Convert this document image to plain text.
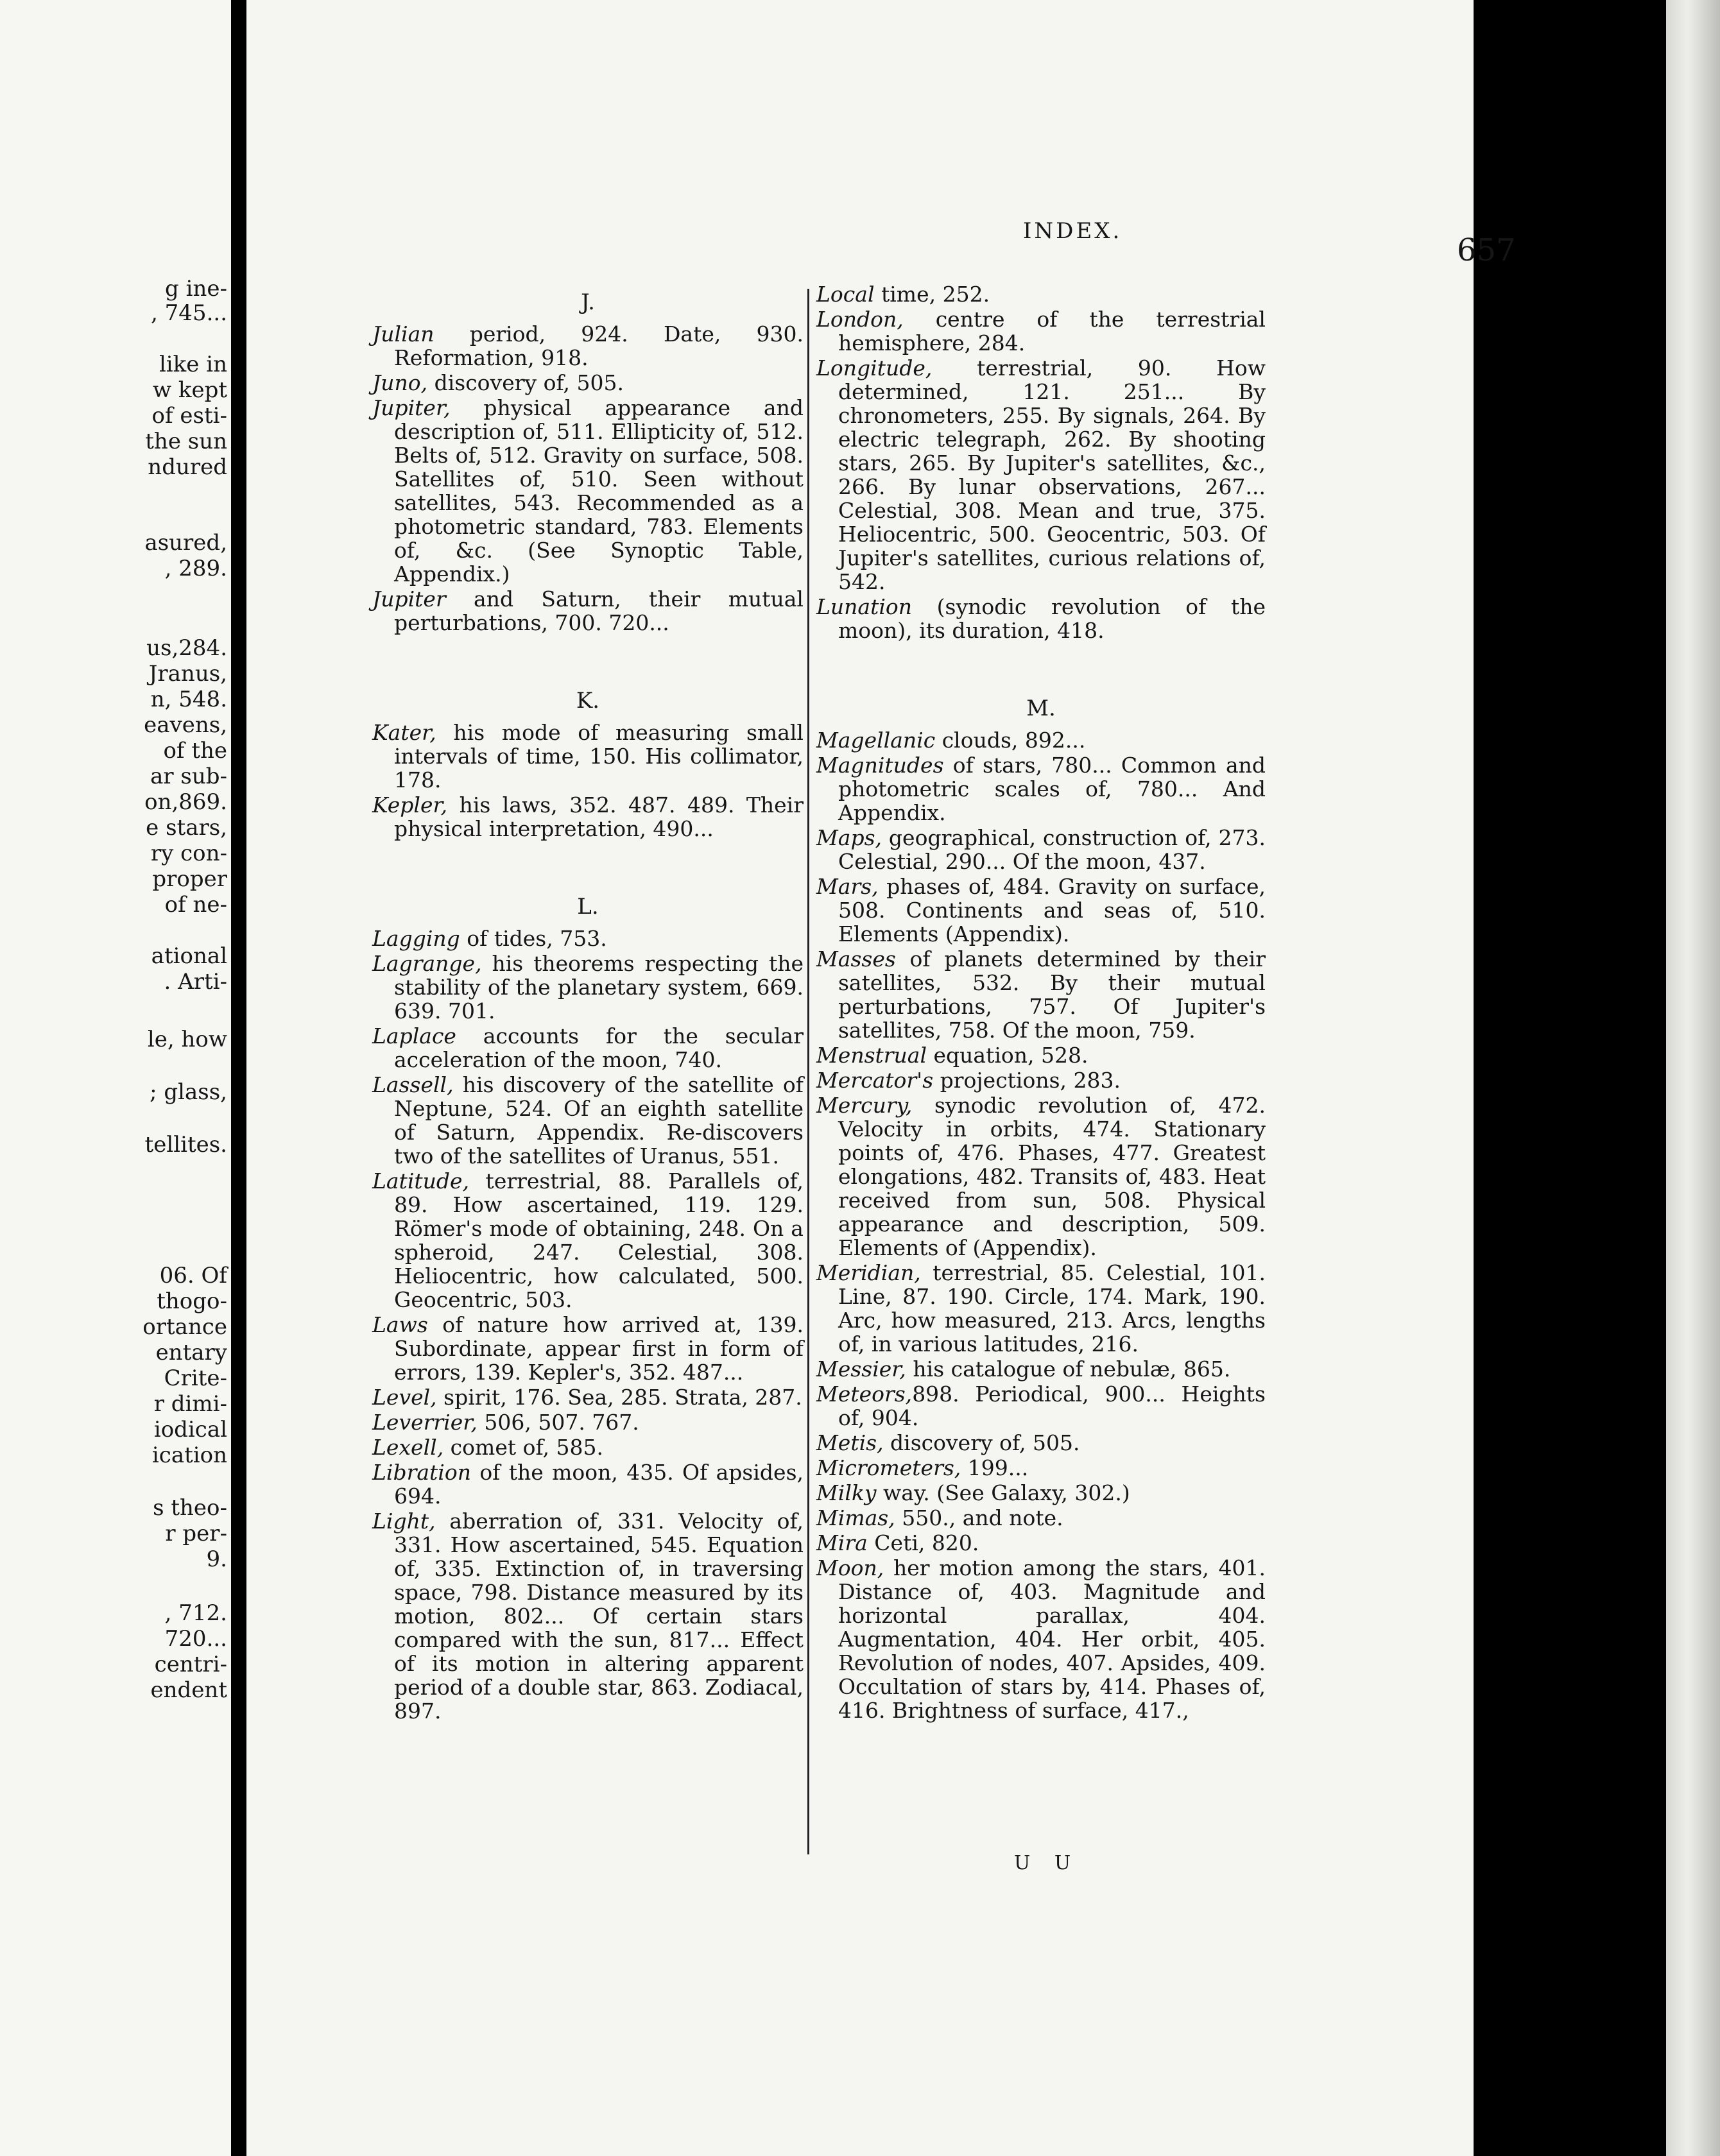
g ine-
, 745...
like in
w kept
of esti-
the sun
ndured
asured,
, 289.
us,284.
Jranus,
n, 548.
eavens,
of the
ar sub-
on,869.
e stars,
ry con-
proper
of ne-
ational
. Arti-
le, how
; glass,
tellites.
06. Of
thogo-
ortance
entary
Crite-
r dimi-
iodical
ication
s theo-
r per-
9.
, 712.
720...
centri-
endent
INDEX.
657
J.

Julian period, 924. Date, 930. Reformation, 918.

Juno, discovery of, 505.

Jupiter, physical appearance and description of, 511. Ellipticity of, 512. Belts of, 512. Gravity on surface, 508. Satellites of, 510. Seen without satellites, 543. Recommended as a photometric standard, 783. Elements of, &c. (See Synoptic Table, Appendix.)

Jupiter and Saturn, their mutual perturbations, 700. 720...

K.

Kater, his mode of measuring small intervals of time, 150. His collimator, 178.

Kepler, his laws, 352. 487. 489. Their physical interpretation, 490...

L.

Lagging of tides, 753.

Lagrange, his theorems respecting the stability of the planetary system, 669. 639. 701.

Laplace accounts for the secular acceleration of the moon, 740.

Lassell, his discovery of the satellite of Neptune, 524. Of an eighth satellite of Saturn, Appendix. Re-discovers two of the satellites of Uranus, 551.

Latitude, terrestrial, 88. Parallels of, 89. How ascertained, 119. 129. Römer's mode of obtaining, 248. On a spheroid, 247. Celestial, 308. Heliocentric, how calculated, 500. Geocentric, 503.

Laws of nature how arrived at, 139. Subordinate, appear first in form of errors, 139. Kepler's, 352. 487...

Level, spirit, 176. Sea, 285. Strata, 287.

Leverrier, 506, 507. 767.

Lexell, comet of, 585.

Libration of the moon, 435. Of apsides, 694.

Light, aberration of, 331. Velocity of, 331. How ascertained, 545. Equation of, 335. Extinction of, in traversing space, 798. Distance measured by its motion, 802... Of certain stars compared with the sun, 817... Effect of its motion in altering apparent period of a double star, 863. Zodiacal, 897.

Local time, 252.

London, centre of the terrestrial hemisphere, 284.

Longitude, terrestrial, 90. How determined, 121. 251... By chronometers, 255. By signals, 264. By electric telegraph, 262. By shooting stars, 265. By Jupiter's satellites, &c., 266. By lunar observations, 267... Celestial, 308. Mean and true, 375. Heliocentric, 500. Geocentric, 503. Of Jupiter's satellites, curious relations of, 542.

Lunation (synodic revolution of the moon), its duration, 418.

M.

Magellanic clouds, 892...

Magnitudes of stars, 780... Common and photometric scales of, 780... And Appendix.

Maps, geographical, construction of, 273. Celestial, 290... Of the moon, 437.

Mars, phases of, 484. Gravity on surface, 508. Continents and seas of, 510. Elements (Appendix).

Masses of planets determined by their satellites, 532. By their mutual perturbations, 757. Of Jupiter's satellites, 758. Of the moon, 759.

Menstrual equation, 528.

Mercator's projections, 283.

Mercury, synodic revolution of, 472. Velocity in orbits, 474. Stationary points of, 476. Phases, 477. Greatest elongations, 482. Transits of, 483. Heat received from sun, 508. Physical appearance and description, 509. Elements of (Appendix).

Meridian, terrestrial, 85. Celestial, 101. Line, 87. 190. Circle, 174. Mark, 190. Arc, how measured, 213. Arcs, lengths of, in various latitudes, 216.

Messier, his catalogue of nebulæ, 865.

Meteors,898. Periodical, 900... Heights of, 904.

Metis, discovery of, 505.

Micrometers, 199...

Milky way. (See Galaxy, 302.)

Mimas, 550., and note.

Mira Ceti, 820.

Moon, her motion among the stars, 401. Distance of, 403. Magnitude and horizontal parallax, 404. Augmentation, 404. Her orbit, 405. Revolution of nodes, 407. Apsides, 409. Occultation of stars by, 414. Phases of, 416. Brightness of surface, 417.,

U U
